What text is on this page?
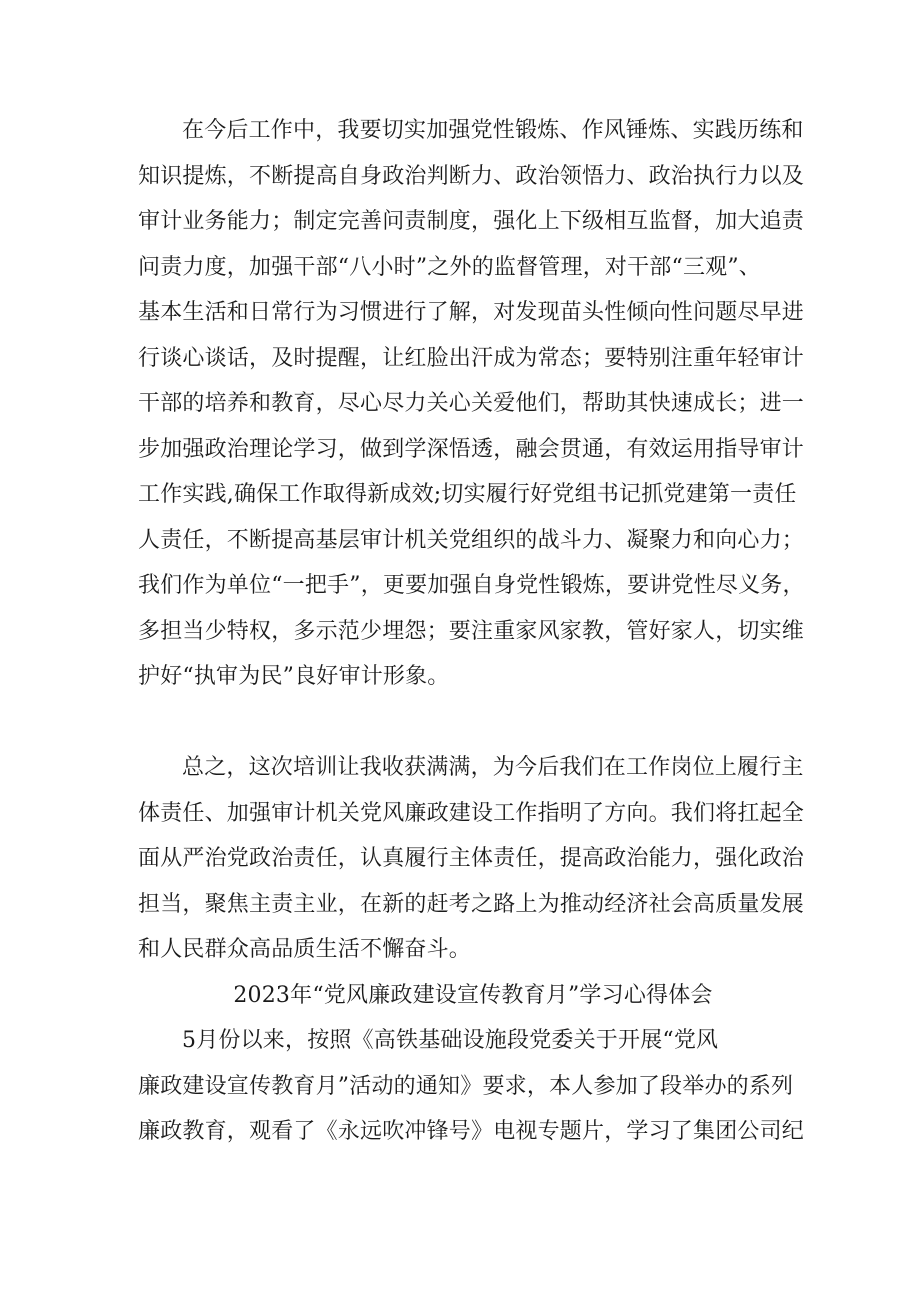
在今后工作中，我要切实加强党性锻炼、作风锤炼、实践历练和
知识提炼，不断提高自身政治判断力、政治领悟力、政治执行力以及
审计业务能力；制定完善问责制度，强化上下级相互监督，加大追责
问责力度，加强干部“八小时”之外的监督管理，对干部“三观”、
基本生活和日常行为习惯进行了解，对发现苗头性倾向性问题尽早进
行谈心谈话，及时提醒，让红脸出汗成为常态；要特别注重年轻审计
干部的培养和教育，尽心尽力关心关爱他们，帮助其快速成长；进一
步加强政治理论学习，做到学深悟透，融会贯通，有效运用指导审计
工作实践,确保工作取得新成效;切实履行好党组书记抓党建第一责任
人责任，不断提高基层审计机关党组织的战斗力、凝聚力和向心力；
我们作为单位“一把手”，更要加强自身党性锻炼，要讲党性尽义务，
多担当少特权，多示范少埋怨；要注重家风家教，管好家人，切实维
护好“执审为民”良好审计形象。
总之，这次培训让我收获满满，为今后我们在工作岗位上履行主
体责任、加强审计机关党风廉政建设工作指明了方向。我们将扛起全
面从严治党政治责任，认真履行主体责任，提高政治能力，强化政治
担当，聚焦主责主业，在新的赶考之路上为推动经济社会高质量发展
和人民群众高品质生活不懈奋斗。
2023年“党风廉政建设宣传教育月”学习心得体会
5月份以来，按照《高铁基础设施段党委关于开展“党风
廉政建设宣传教育月”活动的通知》要求，本人参加了段举办的系列
廉政教育，观看了《永远吹冲锋号》电视专题片，学习了集团公司纪
